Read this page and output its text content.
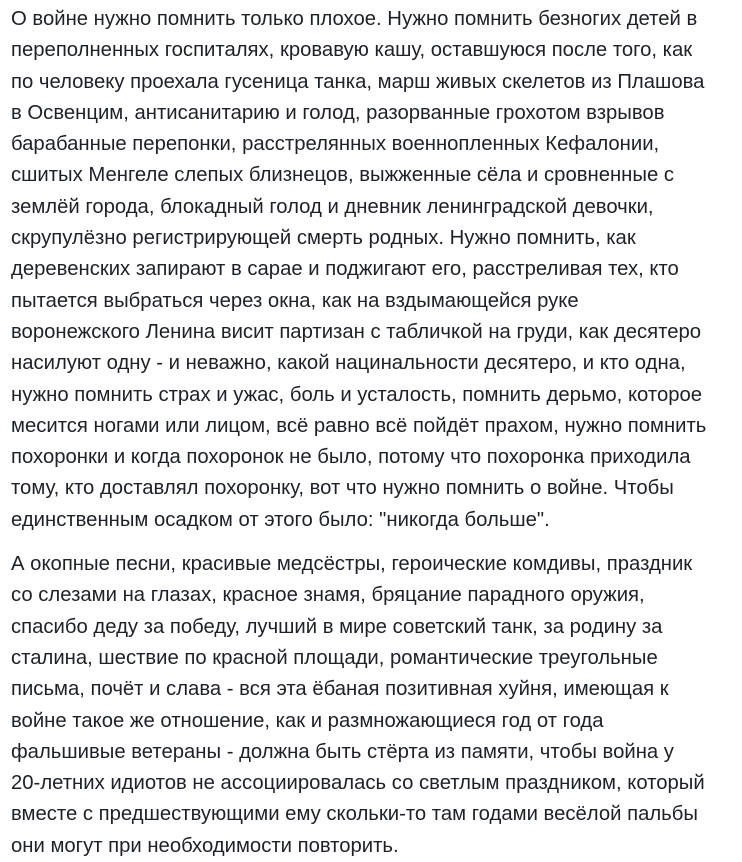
О войне нужно помнить только плохое. Нужно помнить безногих детей в
переполненных госпиталях, кровавую кашу, оставшуюся после того, как
по человеку проехала гусеница танка, марш живых скелетов из Плашова
в Освенцим, антисанитарию и голод, разорванные грохотом взрывов
барабанные перепонки, расстрелянных военнопленных Кефалонии,
сшитых Менгеле слепых близнецов, выжженные сёла и сровненные с
землёй города, блокадный голод и дневник ленинградской девочки,
скрупулёзно регистрирующей смерть родных. Нужно помнить, как
деревенских запирают в сарае и поджигают его, расстреливая тех, кто
пытается выбраться через окна, как на вздымающейся руке
воронежского Ленина висит партизан с табличкой на груди, как десятеро
насилуют одну - и неважно, какой нацинальности десятеро, и кто одна,
нужно помнить страх и ужас, боль и усталость, помнить дерьмо, которое
месится ногами или лицом, всё равно всё пойдёт прахом, нужно помнить
похоронки и когда похоронок не было, потому что похоронка приходила
тому, кто доставлял похоронку, вот что нужно помнить о войне. Чтобы
единственным осадком от этого было: "никогда больше".

А окопные песни, красивые медсёстры, героические комдивы, праздник
со слезами на глазах, красное знамя, бряцание парадного оружия,
спасибо деду за победу, лучший в мире советский танк, за родину за
сталина, шествие по красной площади, романтические треугольные
письма, почёт и слава - вся эта ёбаная позитивная хуйня, имеющая к
войне такое же отношение, как и размножающиеся год от года
фальшивые ветераны - должна быть стёрта из памяти, чтобы война у
20-летних идиотов не ассоциировалась со светлым праздником, который
вместе с предшествующими ему скольки-то там годами весёлой пальбы
они могут при необходимости повторить.
